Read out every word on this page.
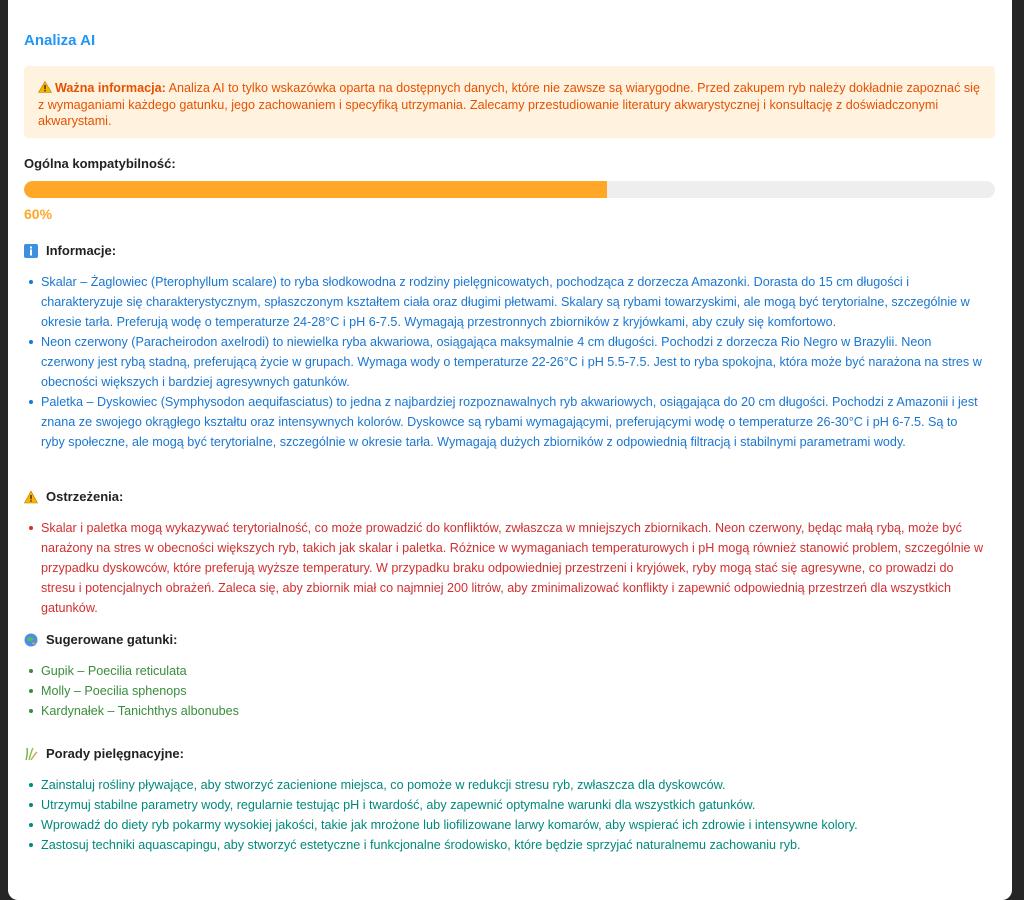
Analiza AI
Ważna informacja: Analiza AI to tylko wskazówka oparta na dostępnych danych, które nie zawsze są wiarygodne. Przed zakupem ryb należy dokładnie zapoznać się z wymaganiami każdego gatunku, jego zachowaniem i specyfiką utrzymania. Zalecamy przestudiowanie literatury akwarystycznej i konsultację z doświadczonymi akwarystami.
Ogólna kompatybilność:
60%
Informacje:
Skalar – Żaglowiec (Pterophyllum scalare) to ryba słodkowodna z rodziny pielęgnicowatych, pochodząca z dorzecza Amazonki. Dorasta do 15 cm długości i charakteryzuje się charakterystycznym, spłaszczonym kształtem ciała oraz długimi płetwami. Skalary są rybami towarzyskimi, ale mogą być terytorialne, szczególnie w okresie tarła. Preferują wodę o temperaturze 24-28°C i pH 6-7.5. Wymagają przestronnych zbiorników z kryjówkami, aby czuły się komfortowo.
Neon czerwony (Paracheirodon axelrodi) to niewielka ryba akwariowa, osiągająca maksymalnie 4 cm długości. Pochodzi z dorzecza Rio Negro w Brazylii. Neon czerwony jest rybą stadną, preferującą życie w grupach. Wymaga wody o temperaturze 22-26°C i pH 5.5-7.5. Jest to ryba spokojna, która może być narażona na stres w obecności większych i bardziej agresywnych gatunków.
Paletka – Dyskowiec (Symphysodon aequifasciatus) to jedna z najbardziej rozpoznawalnych ryb akwariowych, osiągająca do 20 cm długości. Pochodzi z Amazonii i jest znana ze swojego okrągłego kształtu oraz intensywnych kolorów. Dyskowce są rybami wymagającymi, preferującymi wodę o temperaturze 26-30°C i pH 6-7.5. Są to ryby społeczne, ale mogą być terytorialne, szczególnie w okresie tarła. Wymagają dużych zbiorników z odpowiednią filtracją i stabilnymi parametrami wody.
Ostrzeżenia:
Skalar i paletka mogą wykazywać terytorialność, co może prowadzić do konfliktów, zwłaszcza w mniejszych zbiornikach. Neon czerwony, będąc małą rybą, może być narażony na stres w obecności większych ryb, takich jak skalar i paletka. Różnice w wymaganiach temperaturowych i pH mogą również stanowić problem, szczególnie w przypadku dyskowców, które preferują wyższe temperatury. W przypadku braku odpowiedniej przestrzeni i kryjówek, ryby mogą stać się agresywne, co prowadzi do stresu i potencjalnych obrażeń. Zaleca się, aby zbiornik miał co najmniej 200 litrów, aby zminimalizować konflikty i zapewnić odpowiednią przestrzeń dla wszystkich gatunków.
Sugerowane gatunki:
Gupik – Poecilia reticulata
Molly – Poecilia sphenops
Kardynałek – Tanichthys albonubes
Porady pielęgnacyjne:
Zainstaluj rośliny pływające, aby stworzyć zacienione miejsca, co pomoże w redukcji stresu ryb, zwłaszcza dla dyskowców.
Utrzymuj stabilne parametry wody, regularnie testując pH i twardość, aby zapewnić optymalne warunki dla wszystkich gatunków.
Wprowadź do diety ryb pokarmy wysokiej jakości, takie jak mrożone lub liofilizowane larwy komarów, aby wspierać ich zdrowie i intensywne kolory.
Zastosuj techniki aquascapingu, aby stworzyć estetyczne i funkcjonalne środowisko, które będzie sprzyjać naturalnemu zachowaniu ryb.
